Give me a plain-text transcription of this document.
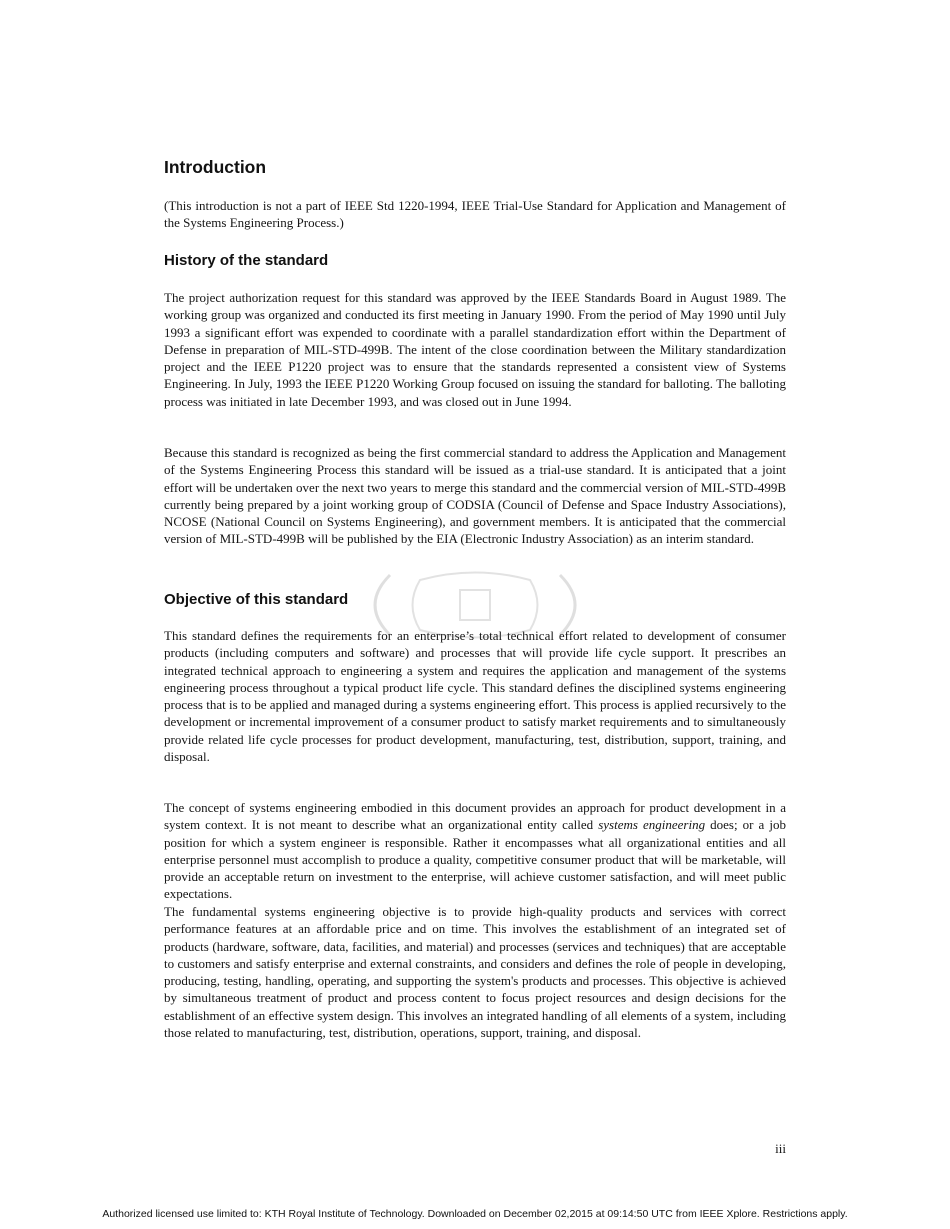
Introduction

(This introduction is not a part of IEEE Std 1220-1994, IEEE Trial-Use Standard for Application and Management of the Systems Engineering Process.)

History of the standard

The project authorization request for this standard was approved by the IEEE Standards Board in August 1989. The working group was organized and conducted its first meeting in January 1990. From the period of May 1990 until July 1993 a significant effort was expended to coordinate with a parallel standardization effort within the Department of Defense in preparation of MIL-STD-499B. The intent of the close coordination between the Military standardization project and the IEEE P1220 project was to ensure that the standards represented a consistent view of Systems Engineering. In July, 1993 the IEEE P1220 Working Group focused on issuing the standard for balloting. The balloting process was initiated in late December 1993, and was closed out in June 1994.

Because this standard is recognized as being the first commercial standard to address the Application and Management of the Systems Engineering Process this standard will be issued as a trial-use standard. It is anticipated that a joint effort will be undertaken over the next two years to merge this standard and the commercial version of MIL-STD-499B currently being prepared by a joint working group of CODSIA (Council of Defense and Space Industry Associations), NCOSE (National Council on Systems Engineering), and government members. It is anticipated that the commercial version of MIL-STD-499B will be published by the EIA (Electronic Industry Association) as an interim standard.

Objective of this standard

This standard defines the requirements for an enterprise’s total technical effort related to development of consumer products (including computers and software) and processes that will provide life cycle support. It prescribes an integrated technical approach to engineering a system and requires the application and management of the systems engineering process throughout a typical product life cycle. This standard defines the disciplined systems engineering process that is to be applied and managed during a systems engineering effort. This process is applied recursively to the development or incremental improvement of a consumer product to satisfy market requirements and to simultaneously provide related life cycle processes for product development, manufacturing, test, distribution, support, training, and disposal.

The concept of systems engineering embodied in this document provides an approach for product development in a system context. It is not meant to describe what an organizational entity called systems engineering does; or a job position for which a system engineer is responsible. Rather it encompasses what all organizational entities and all enterprise personnel must accomplish to produce a quality, competitive consumer product that will be marketable, will provide an acceptable return on investment to the enterprise, will achieve customer satisfaction, and will meet public expectations.

The fundamental systems engineering objective is to provide high-quality products and services with correct performance features at an affordable price and on time. This involves the establishment of an integrated set of products (hardware, software, data, facilities, and material) and processes (services and techniques) that are acceptable to customers and satisfy enterprise and external constraints, and considers and defines the role of people in developing, producing, testing, handling, operating, and supporting the system's products and processes. This objective is achieved by simultaneous treatment of product and process content to focus project resources and design decisions for the establishment of an effective system design. This involves an integrated handling of all elements of a system, including those related to manufacturing, test, distribution, operations, support, training, and disposal.

iii
Authorized licensed use limited to: KTH Royal Institute of Technology. Downloaded on December 02,2015 at 09:14:50 UTC from IEEE Xplore. Restrictions apply.
